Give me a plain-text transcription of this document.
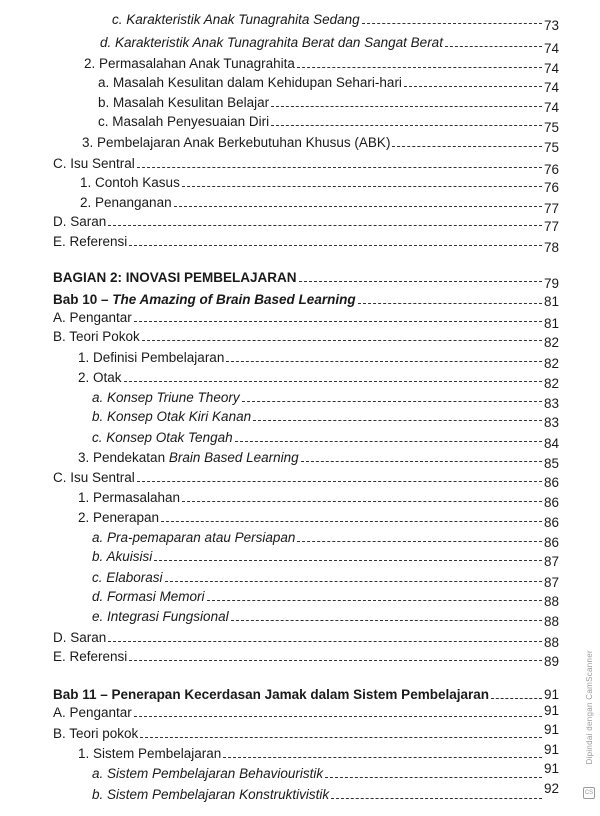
c. Karakteristik Anak Tunagrahita Sedang	73
d. Karakteristik Anak Tunagrahita Berat dan Sangat Berat	74
2. Permasalahan Anak Tunagrahita	74
a. Masalah Kesulitan dalam Kehidupan Sehari-hari	74
b. Masalah Kesulitan Belajar	74
c. Masalah Penyesuaian Diri	75
3. Pembelajaran Anak Berkebutuhan Khusus (ABK)	75
C. Isu Sentral	76
1. Contoh Kasus	76
2. Penanganan	77
D. Saran	77
E. Referensi	78
BAGIAN 2: INOVASI PEMBELAJARAN	79
Bab 10 – The Amazing of Brain Based Learning	81
A. Pengantar	81
B. Teori Pokok	82
1. Definisi Pembelajaran	82
2. Otak	82
a. Konsep Triune Theory	83
b. Konsep Otak Kiri Kanan	83
c. Konsep Otak Tengah	84
3. Pendekatan Brain Based Learning	85
C. Isu Sentral	86
1. Permasalahan	86
2. Penerapan	86
a. Pra-pemaparan atau Persiapan	86
b. Akuisisi	87
c. Elaborasi	87
d. Formasi Memori	88
e. Integrasi Fungsional	88
D. Saran	88
E. Referensi	89
Bab 11 – Penerapan Kecerdasan Jamak dalam Sistem Pembelajaran	91
A. Pengantar	91
B. Teori pokok	91
1. Sistem Pembelajaran	91
a. Sistem Pembelajaran Behaviouristik	91
b. Sistem Pembelajaran Konstruktivistik	92
Dipindai dengan CamScanner
CS
